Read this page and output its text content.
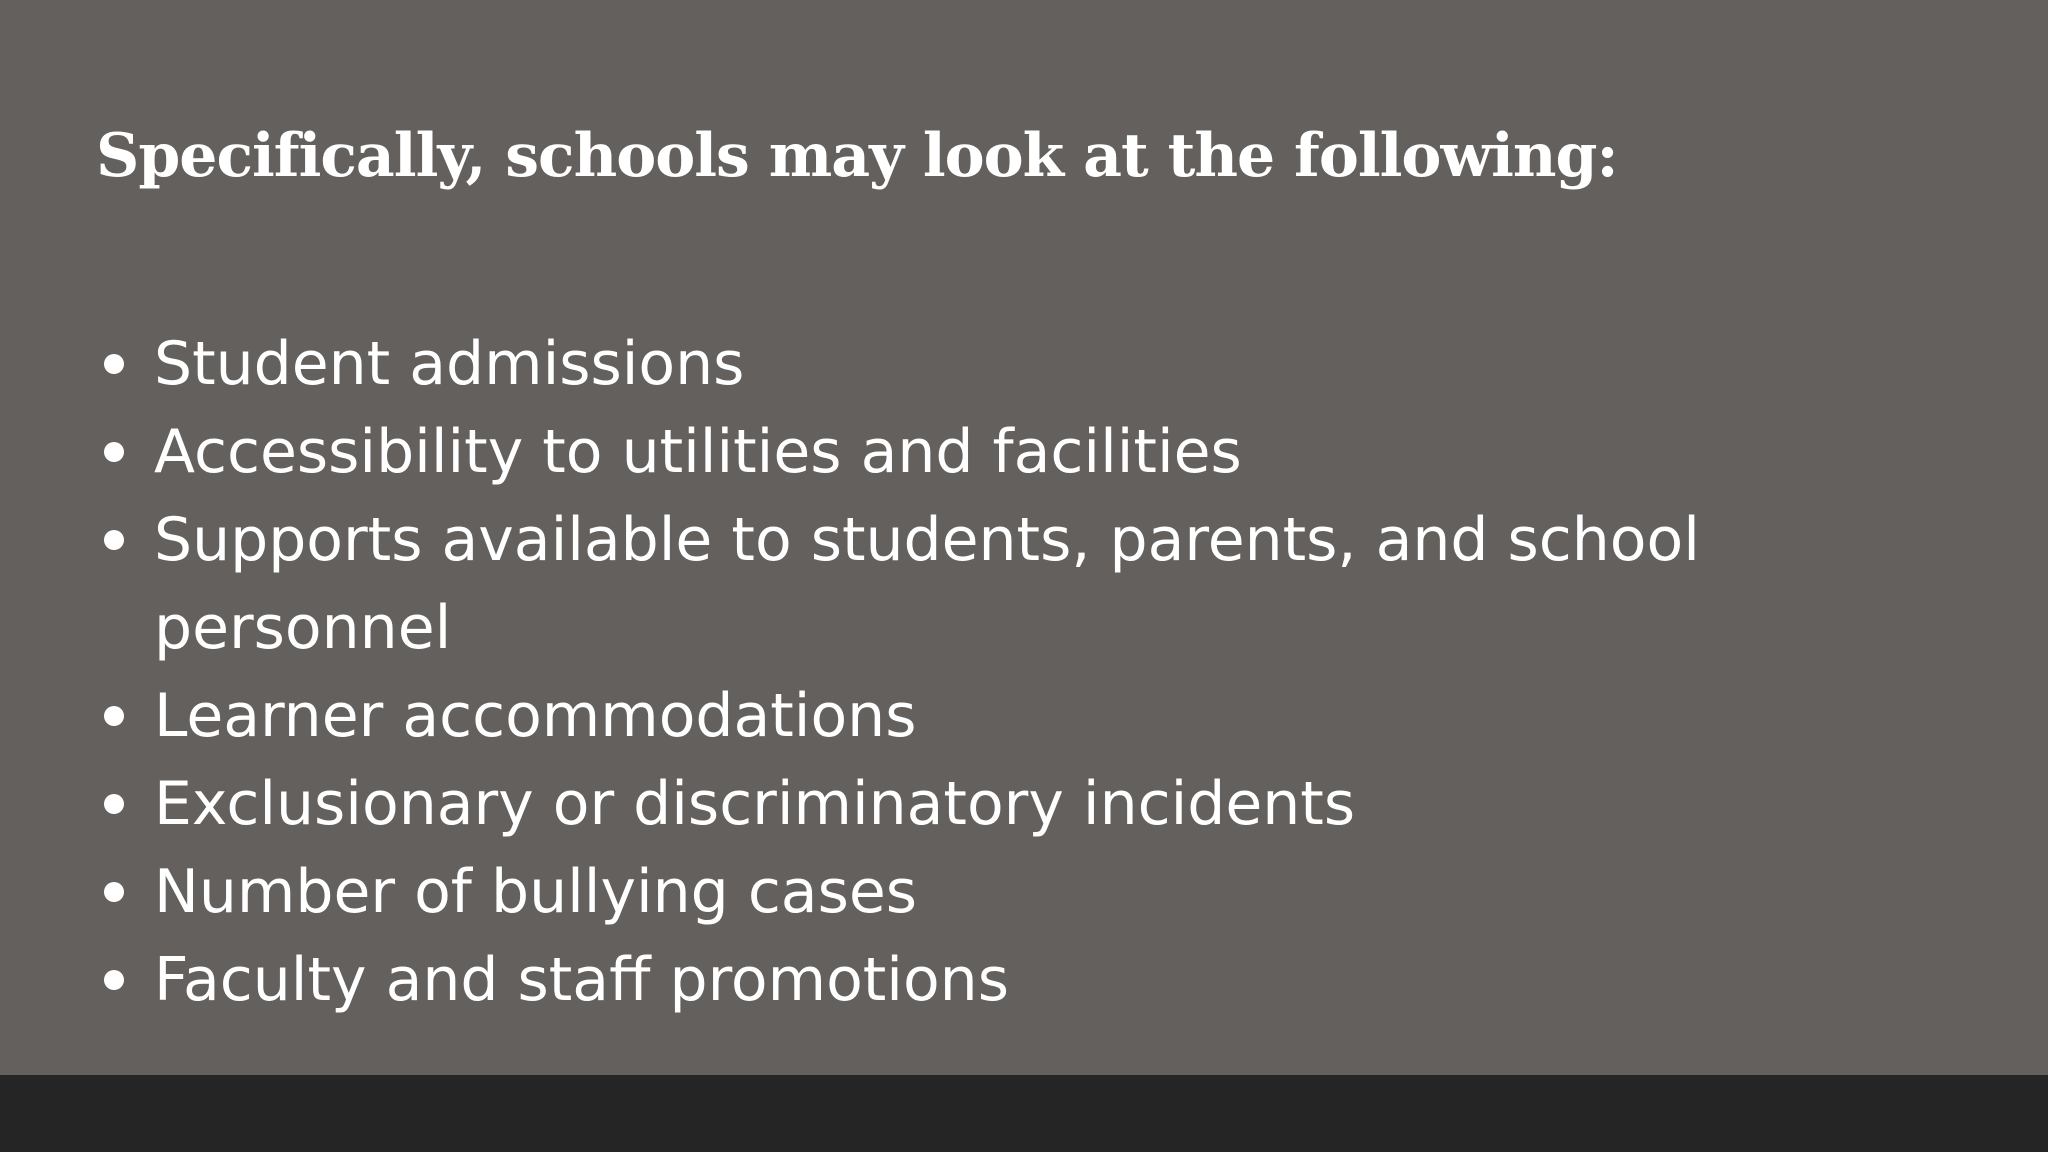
Specifically, schools may look at the following:
Student admissions
Accessibility to utilities and facilities
Supports available to students, parents, and school
personnel
Learner accommodations
Exclusionary or discriminatory incidents
Number of bullying cases
Faculty and staff promotions
